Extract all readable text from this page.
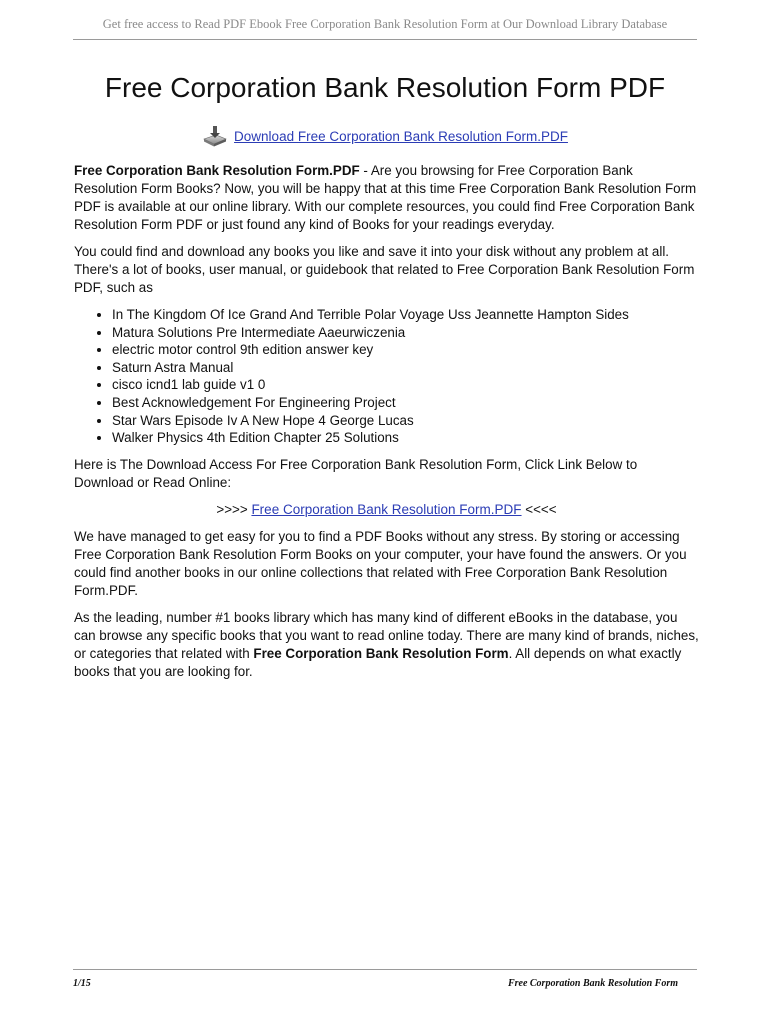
Get free access to Read PDF Ebook Free Corporation Bank Resolution Form at Our Download Library Database
Free Corporation Bank Resolution Form PDF
Download Free Corporation Bank Resolution Form.PDF

Free Corporation Bank Resolution Form.PDF - Are you browsing for Free Corporation Bank Resolution Form Books? Now, you will be happy that at this time Free Corporation Bank Resolution Form PDF is available at our online library. With our complete resources, you could find Free Corporation Bank Resolution Form PDF or just found any kind of Books for your readings everyday.

You could find and download any books you like and save it into your disk without any problem at all. There's a lot of books, user manual, or guidebook that related to Free Corporation Bank Resolution Form PDF, such as

• In The Kingdom Of Ice Grand And Terrible Polar Voyage Uss Jeannette Hampton Sides
• Matura Solutions Pre Intermediate Aaeurwiczenia
• electric motor control 9th edition answer key
• Saturn Astra Manual
• cisco icnd1 lab guide v1 0
• Best Acknowledgement For Engineering Project
• Star Wars Episode Iv A New Hope 4 George Lucas
• Walker Physics 4th Edition Chapter 25 Solutions

Here is The Download Access For Free Corporation Bank Resolution Form, Click Link Below to Download or Read Online:

>>>> Free Corporation Bank Resolution Form.PDF <<<<

We have managed to get easy for you to find a PDF Books without any stress. By storing or accessing Free Corporation Bank Resolution Form Books on your computer, your have found the answers. Or you could find another books in our online collections that related with Free Corporation Bank Resolution Form.PDF.

As the leading, number #1 books library which has many kind of different eBooks in the database, you can browse any specific books that you want to read online today. There are many kind of brands, niches, or categories that related with Free Corporation Bank Resolution Form. All depends on what exactly books that you are looking for.

1/15	Free Corporation Bank Resolution Form
